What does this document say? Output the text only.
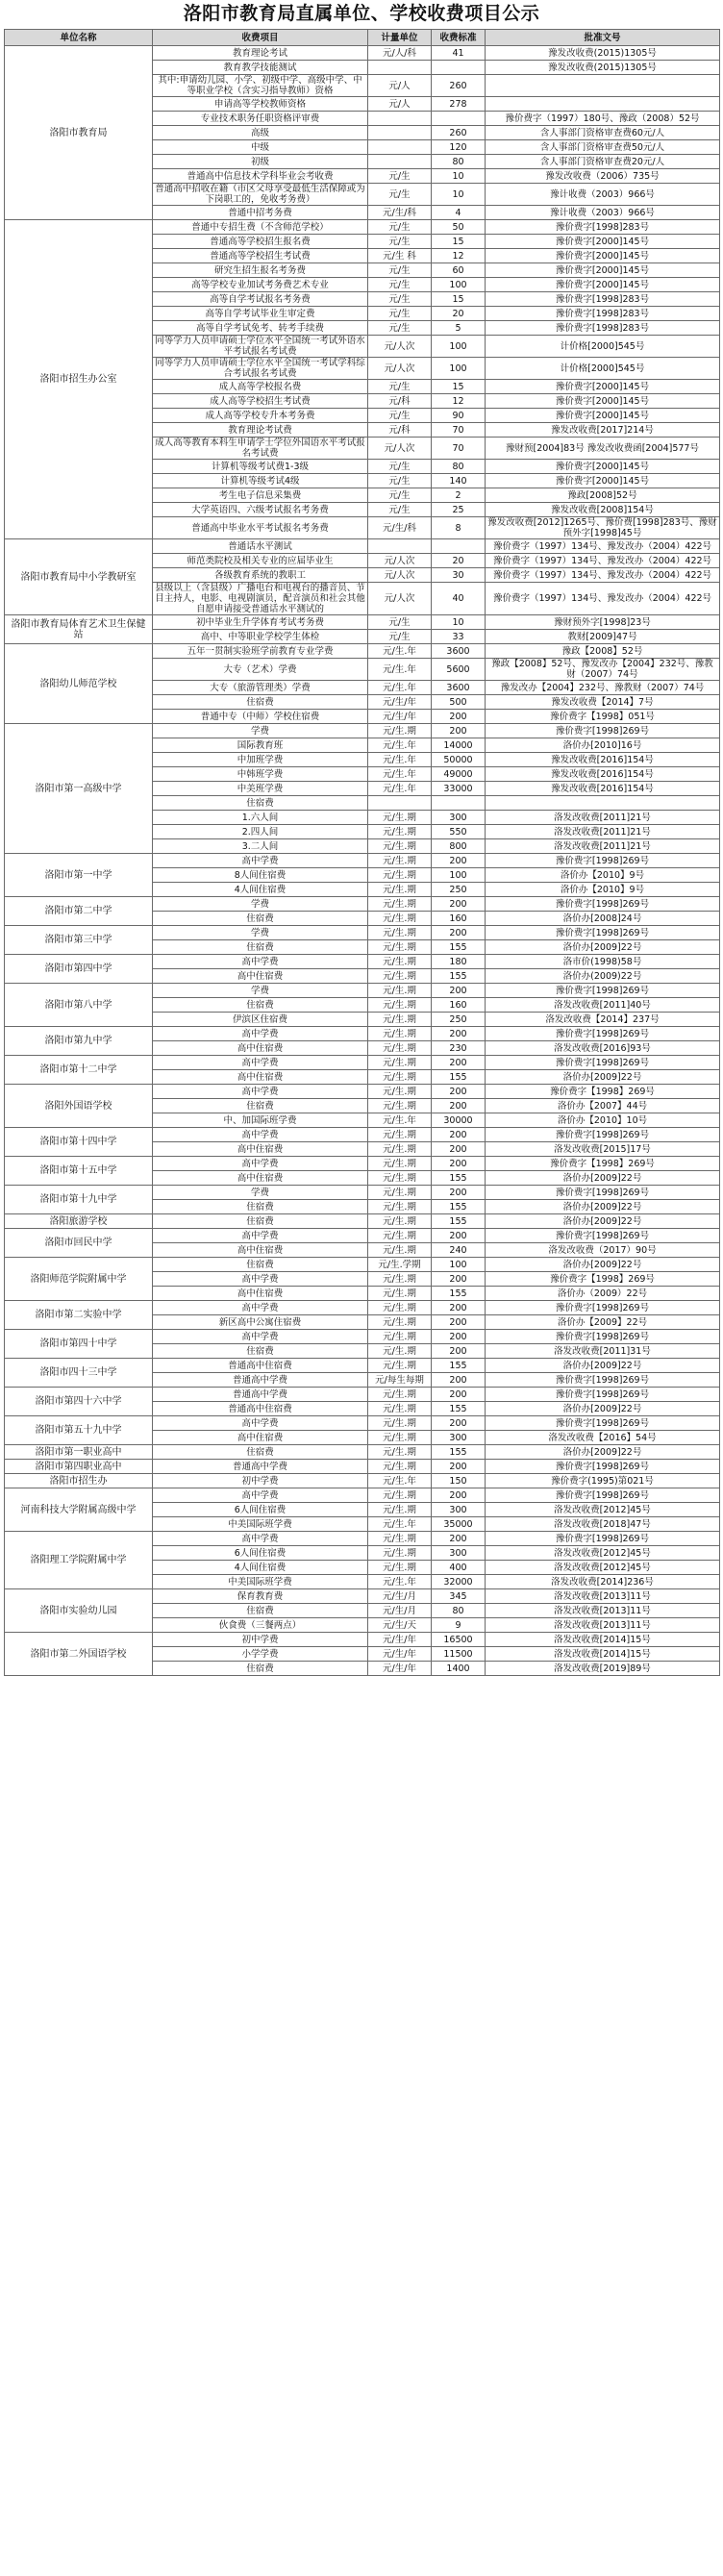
洛阳市教育局直属单位、学校收费项目公示
单位名称	收费项目	计量单位	收费标准	批准文号
洛阳市教育局	教育理论考试	元/人/科	41	豫发改收费(2015)1305号
	教育教学技能测试			豫发改收费(2015)1305号
	其中:申请幼儿园、小学、初级中学、高级中学、中等职业学校（含实习指导教师）资格	元/人	260	
	申请高等学校教师资格	元/人	278	
	专业技术职务任职资格评审费			豫价费字（1997）180号、豫政（2008）52号
	高级		260	含人事部门资格审查费60元/人
	中级		120	含人事部门资格审查费50元/人
	初级		80	含人事部门资格审查费20元/人
	普通高中信息技术学科毕业会考收费	元/生	10	豫发改收费（2006）735号
	普通高中招收在籍（市区父母享受最低生活保障或为下岗职工的，免收考务费）	元/生	10	豫计收费（2003）966号
	普通中招考务费	元/生/科	4	豫计收费（2003）966号
洛阳市招生办公室	普通中专招生费（不含师范学校）	元/生	50	豫价费字[1998]283号
	普通高等学校招生报名费	元/生	15	豫价费字[2000]145号
	普通高等学校招生考试费	元/生 科	12	豫价费字[2000]145号
	研究生招生报名考务费	元/生	60	豫价费字[2000]145号
	高等学校专业加试考务费艺术专业	元/生	100	豫价费字[2000]145号
	高等自学考试报名考务费	元/生	15	豫价费字[1998]283号
	高等自学考试毕业生审定费	元/生	20	豫价费字[1998]283号
	高等自学考试免考、转考手续费	元/生	5	豫价费字[1998]283号
	同等学力人员申请硕士学位水平全国统一考试外语水平考试报名考试费	元/人次	100	计价格[2000]545号
	同等学力人员申请硕士学位水平全国统一考试学科综合考试报名考试费	元/人次	100	计价格[2000]545号
	成人高等学校报名费	元/生	15	豫价费字[2000]145号
	成人高等学校招生考试费	元/科	12	豫价费字[2000]145号
	成人高等学校专升本考务费	元/生	90	豫价费字[2000]145号
	教育理论考试费	元/科	70	豫发改收费[2017]214号
	成人高等教育本科生申请学士学位外国语水平考试报名考试费	元/人次	70	豫财预[2004]83号 豫发改收费函[2004]577号
	计算机等级考试费1-3级	元/生	80	豫价费字[2000]145号
	计算机等级考试4级	元/生	140	豫价费字[2000]145号
	考生电子信息采集费	元/生	2	豫政[2008]52号
	大学英语四、六级考试报名考务费	元/生	25	豫发改收费[2008]154号
	普通高中毕业水平考试报名考务费	元/生/科	8	豫发改收费[2012]1265号、豫价费[1998]283号、豫财预外字[1998]45号
洛阳市教育局中小学教研室	普通话水平测试			豫价费字（1997）134号、豫发改办（2004）422号
	师范类院校及相关专业的应届毕业生	元/人次	20	豫价费字（1997）134号、豫发改办（2004）422号
	各级教育系统的教职工	元/人次	30	豫价费字（1997）134号、豫发改办（2004）422号
	县级以上（含县级）广播电台和电视台的播音员、节目主持人，电影、电视剧演员，配音演员和社会其他自愿申请接受普通话水平测试的	元/人次	40	豫价费字（1997）134号、豫发改办（2004）422号
洛阳市教育局体育艺术卫生保健站	初中毕业生升学体育考试考务费	元/生	10	豫财预外字[1998]23号
	高中、中等职业学校学生体检	元/生	33	教财[2009]47号
洛阳幼儿师范学校	五年一贯制实验班学前教育专业学费	元/生.年	3600	豫政【2008】52号
	大专（艺术）学费	元/生.年	5600	豫政【2008】52号、豫发改办【2004】232号、豫教财（2007）74号
	大专（旅游管理类）学费	元/生.年	3600	豫发改办【2004】232号、豫教财（2007）74号
	住宿费	元/生/年	500	豫发改收费【2014】7号
	普通中专（中师）学校住宿费	元/生/年	200	豫价费字【1998】051号
洛阳市第一高级中学	学费	元/生.期	200	豫价费字[1998]269号
	国际教育班	元/生.年	14000	洛价办[2010]16号
	中加班学费	元/生.年	50000	豫发改收费[2016]154号
	中韩班学费	元/生.年	49000	豫发改收费[2016]154号
	中美班学费	元/生.年	33000	豫发改收费[2016]154号
	住宿费			
	1.六人间	元/生.期	300	洛发改收费[2011]21号
	2.四人间	元/生.期	550	洛发改收费[2011]21号
	3.二人间	元/生.期	800	洛发改收费[2011]21号
洛阳市第一中学	高中学费	元/生.期	200	豫价费字[1998]269号
	8人间住宿费	元/生.期	100	洛价办【2010】9号
	4人间住宿费	元/生.期	250	洛价办【2010】9号
洛阳市第二中学	学费	元/生.期	200	豫价费字[1998]269号
	住宿费	元/生.期	160	洛价办[2008]24号
洛阳市第三中学	学费	元/生.期	200	豫价费字[1998]269号
	住宿费	元/生.期	155	洛价办[2009]22号
洛阳市第四中学	高中学费	元/生.期	180	洛市价(1998)58号
	高中住宿费	元/生.期	155	洛价办(2009)22号
洛阳市第八中学	学费	元/生.期	200	豫价费字[1998]269号
	住宿费	元/生.期	160	洛发改收费[2011]40号
	伊滨区住宿费	元/生.期	250	洛发改收费【2014】237号
洛阳市第九中学	高中学费	元/生.期	200	豫价费字[1998]269号
	高中住宿费	元/生.期	230	洛发改收费[2016]93号
洛阳市第十二中学	高中学费	元/生.期	200	豫价费字[1998]269号
	高中住宿费	元/生.期	155	洛价办[2009]22号
洛阳外国语学校	高中学费	元/生.期	200	豫价费字【1998】269号
	住宿费	元/生.期	200	洛价办【2007】44号
	中、加国际班学费	元/生.年	30000	洛价办【2010】10号
洛阳市第十四中学	高中学费	元/生.期	200	豫价费字[1998]269号
	高中住宿费	元/生.期	200	洛发改收费[2015]17号
洛阳市第十五中学	高中学费	元/生.期	200	豫价费字【1998】269号
	高中住宿费	元/生.期	155	洛价办[2009]22号
洛阳市第十九中学	学费	元/生.期	200	豫价费字[1998]269号
	住宿费	元/生.期	155	洛价办[2009]22号
洛阳旅游学校	住宿费	元/生.期	155	洛价办[2009]22号
洛阳市回民中学	高中学费	元/生.期	200	豫价费字[1998]269号
	高中住宿费	元/生.期	240	洛发改收费（2017）90号
洛阳师范学院附属中学	住宿费	元/生.学期	100	洛价办[2009]22号
	高中学费	元/生.期	200	豫价费字【1998】269号
	高中住宿费	元/生.期	155	洛价办（2009）22号
洛阳市第二实验中学	高中学费	元/生.期	200	豫价费字[1998]269号
	新区高中公寓住宿费	元/生.期	200	洛价办【2009】22号
洛阳市第四十中学	高中学费	元/生.期	200	豫价费字[1998]269号
	住宿费	元/生.期	200	洛发改收费[2011]31号
洛阳市四十三中学	普通高中住宿费	元/生.期	155	洛价办[2009]22号
	普通高中学费	元/每生每期	200	豫价费字[1998]269号
洛阳市第四十六中学	普通高中学费	元/生.期	200	豫价费字[1998]269号
	普通高中住宿费	元/生.期	155	洛价办[2009]22号
洛阳市第五十九中学	高中学费	元/生.期	200	豫价费字[1998]269号
	高中住宿费	元/生.期	300	洛发改收费【2016】54号
洛阳市第一职业高中	住宿费	元/生.期	155	洛价办[2009]22号
洛阳市第四职业高中	普通高中学费	元/生.期	200	豫价费字[1998]269号
洛阳市招生办	初中学费	元/生.年	150	豫价费字(1995)第021号
河南科技大学附属高级中学	高中学费	元/生.期	200	豫价费字[1998]269号
	6人间住宿费	元/生.期	300	洛发改收费[2012]45号
	中美国际班学费	元/生.年	35000	洛发改收费[2018]47号
洛阳理工学院附属中学	高中学费	元/生.期	200	豫价费字[1998]269号
	6人间住宿费	元/生.期	300	洛发改收费[2012]45号
	4人间住宿费	元/生.期	400	洛发改收费[2012]45号
	中美国际班学费	元/生.年	32000	洛发改收费[2014]236号
洛阳市实验幼儿园	保育教育费	元/生/月	345	洛发改收费[2013]11号
	住宿费	元/生/月	80	洛发改收费[2013]11号
	伙食费（三餐两点）	元/生/天	9	洛发改收费[2013]11号
洛阳市第二外国语学校	初中学费	元/生/年	16500	洛发改收费[2014]15号
	小学学费	元/生/年	11500	洛发改收费[2014]15号
	住宿费	元/生/年	1400	洛发改收费[2019]89号
